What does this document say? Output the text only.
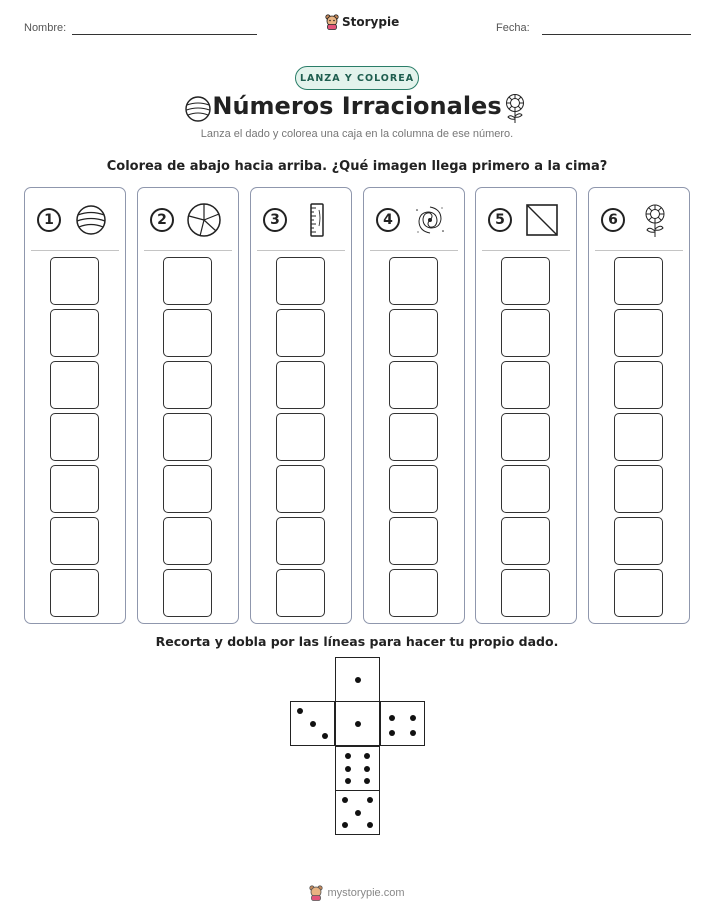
Nombre:	Storypie	Fecha:
LANZA Y COLOREA
Números Irracionales
Lanza el dado y colorea una caja en la columna de ese número.
Colorea de abajo hacia arriba. ¿Qué imagen llega primero a la cima?
1	2	3	4	5	6
Recorta y dobla por las líneas para hacer tu propio dado.
mystorypie.com
